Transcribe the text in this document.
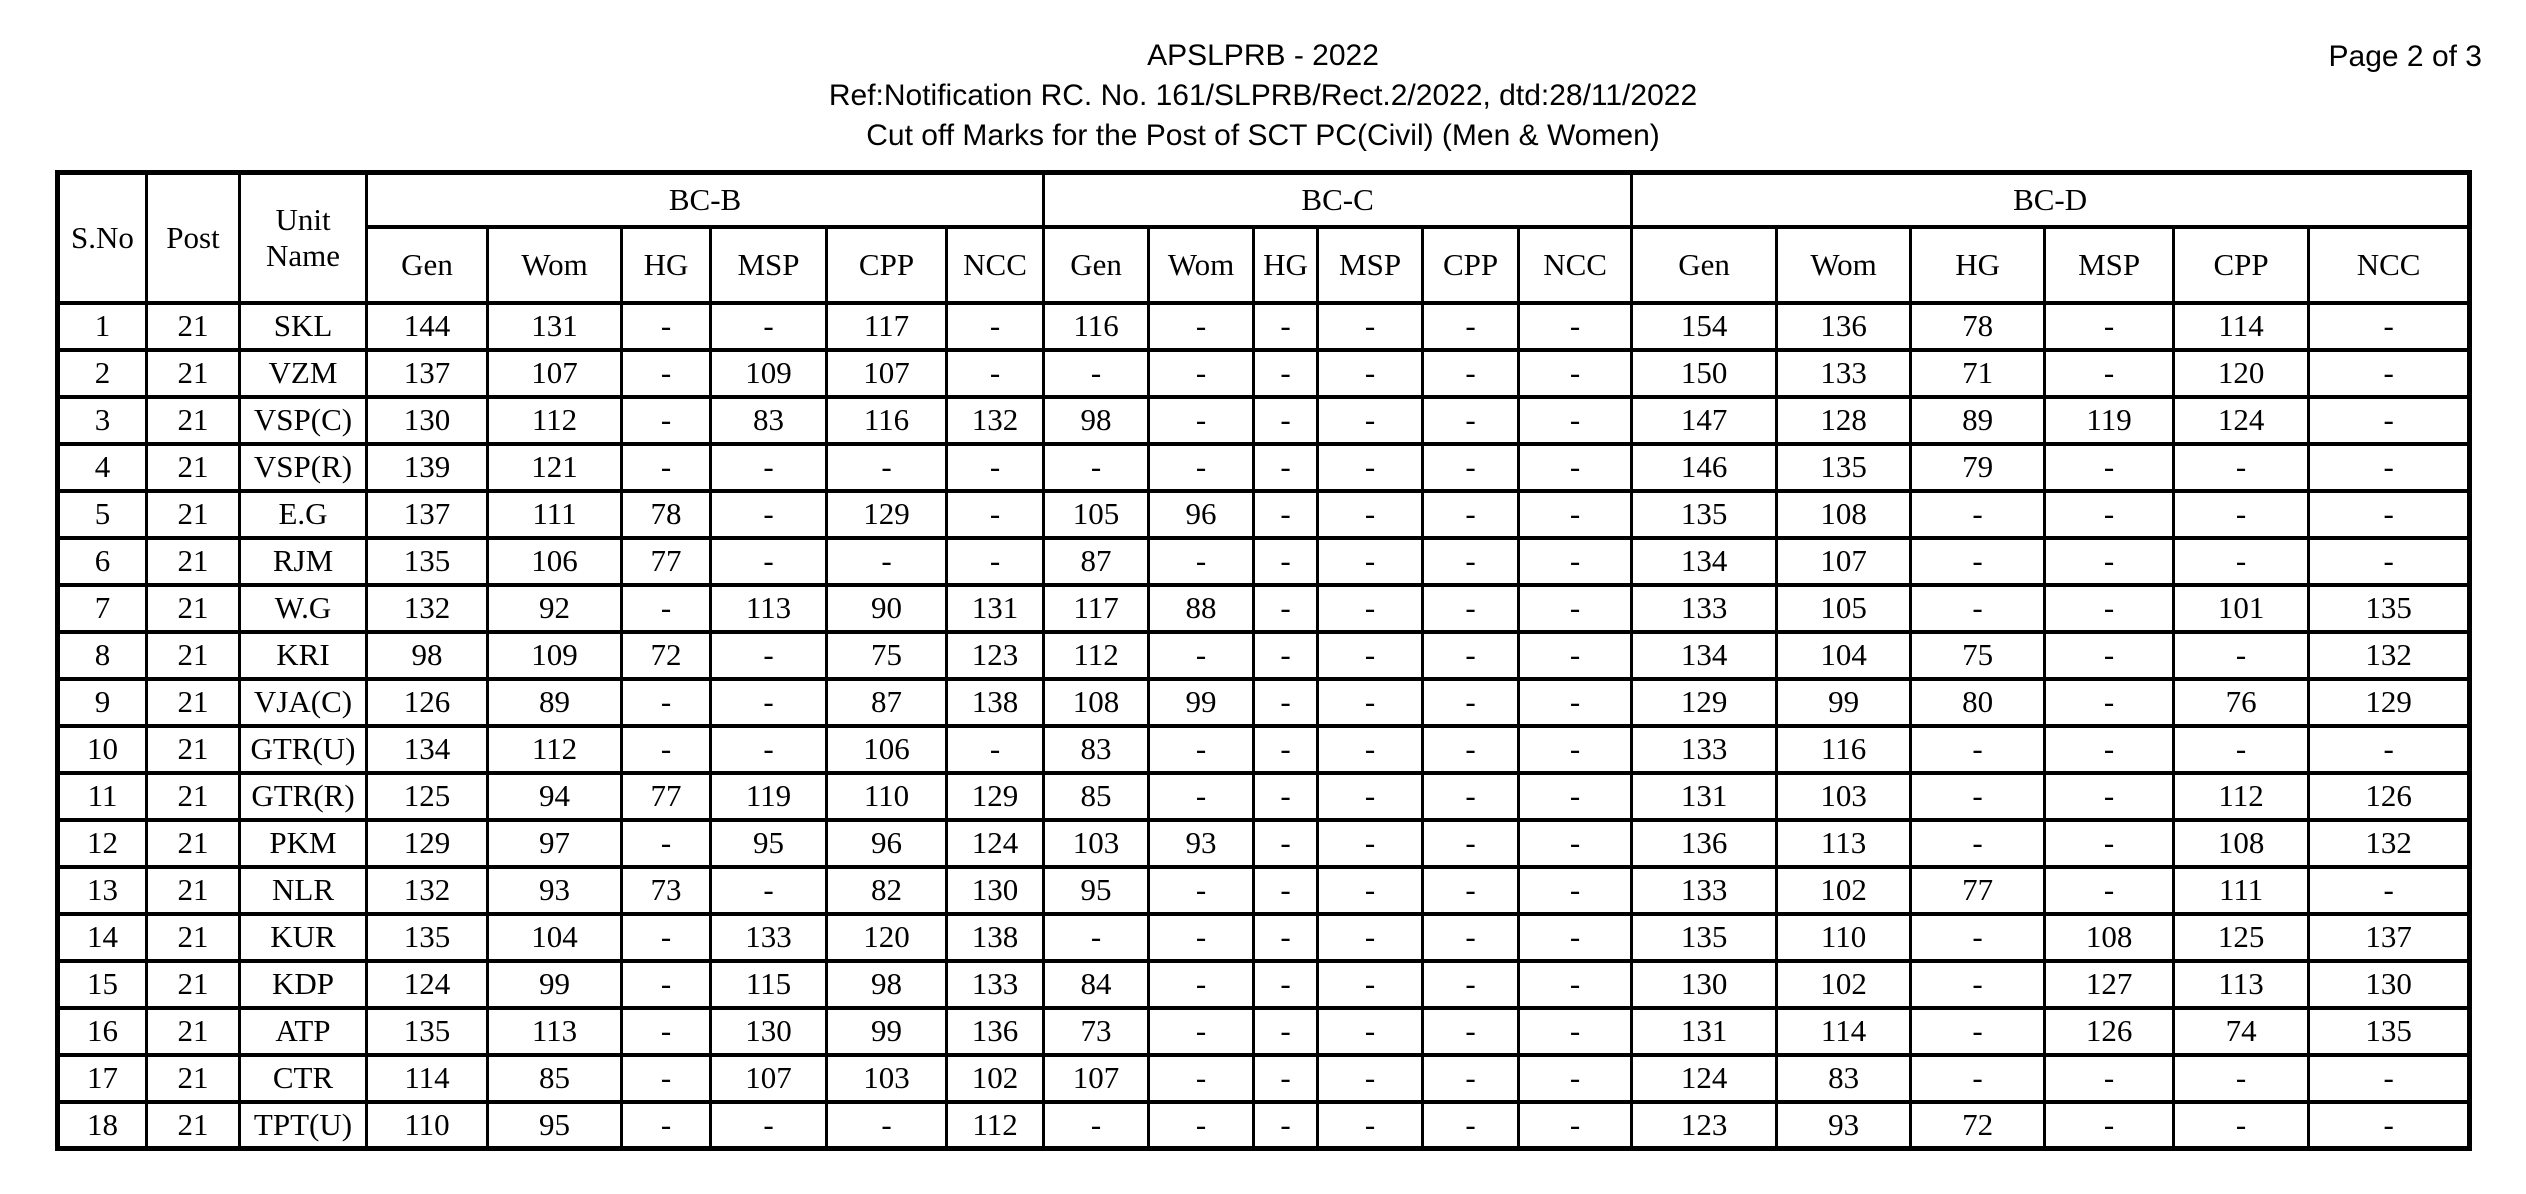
APSLPRB - 2022
Ref:Notification RC. No. 161/SLPRB/Rect.2/2022, dtd:28/11/2022
Cut off Marks for the Post of SCT PC(Civil) (Men & Women)
Page 2 of 3
S.No	Post	Unit Name	BC-B						BC-C						BC-D					
			Gen	Wom	HG	MSP	CPP	NCC	Gen	Wom	HG	MSP	CPP	NCC	Gen	Wom	HG	MSP	CPP	NCC
1	21	SKL	144	131	-	-	117	-	116	-	-	-	-	-	154	136	78	-	114	-
2	21	VZM	137	107	-	109	107	-	-	-	-	-	-	-	150	133	71	-	120	-
3	21	VSP(C)	130	112	-	83	116	132	98	-	-	-	-	-	147	128	89	119	124	-
4	21	VSP(R)	139	121	-	-	-	-	-	-	-	-	-	-	146	135	79	-	-	-
5	21	E.G	137	111	78	-	129	-	105	96	-	-	-	-	135	108	-	-	-	-
6	21	RJM	135	106	77	-	-	-	87	-	-	-	-	-	134	107	-	-	-	-
7	21	W.G	132	92	-	113	90	131	117	88	-	-	-	-	133	105	-	-	101	135
8	21	KRI	98	109	72	-	75	123	112	-	-	-	-	-	134	104	75	-	-	132
9	21	VJA(C)	126	89	-	-	87	138	108	99	-	-	-	-	129	99	80	-	76	129
10	21	GTR(U)	134	112	-	-	106	-	83	-	-	-	-	-	133	116	-	-	-	-
11	21	GTR(R)	125	94	77	119	110	129	85	-	-	-	-	-	131	103	-	-	112	126
12	21	PKM	129	97	-	95	96	124	103	93	-	-	-	-	136	113	-	-	108	132
13	21	NLR	132	93	73	-	82	130	95	-	-	-	-	-	133	102	77	-	111	-
14	21	KUR	135	104	-	133	120	138	-	-	-	-	-	-	135	110	-	108	125	137
15	21	KDP	124	99	-	115	98	133	84	-	-	-	-	-	130	102	-	127	113	130
16	21	ATP	135	113	-	130	99	136	73	-	-	-	-	-	131	114	-	126	74	135
17	21	CTR	114	85	-	107	103	102	107	-	-	-	-	-	124	83	-	-	-	-
18	21	TPT(U)	110	95	-	-	-	112	-	-	-	-	-	-	123	93	72	-	-	-
